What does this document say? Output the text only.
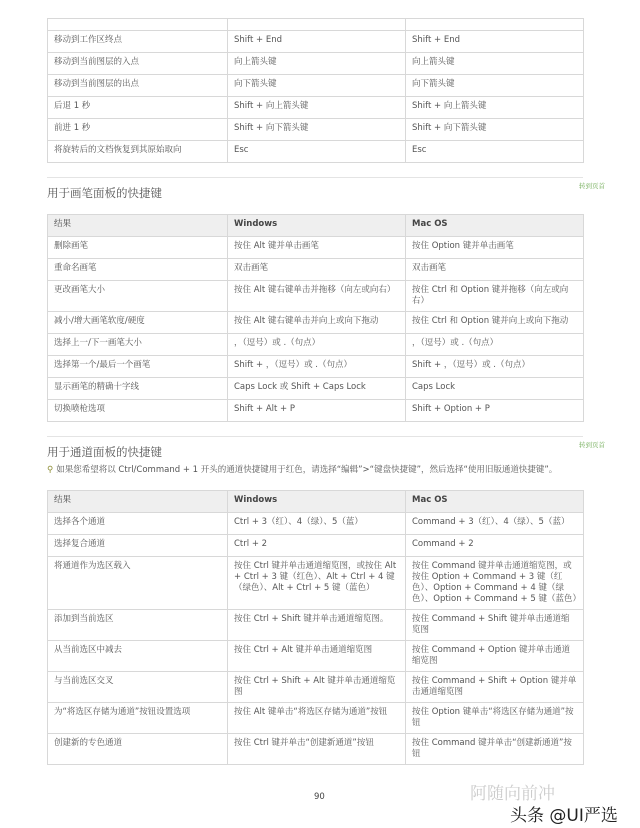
移动到工作区终点	Shift + End	Shift + End
移动到当前图层的入点	向上箭头键	向上箭头键
移动到当前图层的出点	向下箭头键	向下箭头键
后退 1 秒	Shift + 向上箭头键	Shift + 向上箭头键
前进 1 秒	Shift + 向下箭头键	Shift + 向下箭头键
将旋转后的文档恢复到其原始取向	Esc	Esc
用于画笔面板的快捷键	转到页首
结果	Windows	Mac OS
删除画笔	按住 Alt 键并单击画笔	按住 Option 键并单击画笔
重命名画笔	双击画笔	双击画笔
更改画笔大小	按住 Alt 键右键单击并拖移（向左或向右）	按住 Ctrl 和 Option 键并拖移（向左或向右）
减小/增大画笔软度/硬度	按住 Alt 键右键单击并向上或向下拖动	按住 Ctrl 和 Option 键并向上或向下拖动
选择上一/下一画笔大小	，（逗号）或 .（句点）	，（逗号）或 .（句点）
选择第一个/最后一个画笔	Shift + ，（逗号）或 .（句点）	Shift + ，（逗号）或 .（句点）
显示画笔的精确十字线	Caps Lock 或 Shift + Caps Lock	Caps Lock
切换喷枪选项	Shift + Alt + P	Shift + Option + P
用于通道面板的快捷键	转到页首
⚲ 如果您希望将以 Ctrl/Command + 1 开头的通道快捷键用于红色，请选择“编辑”>“键盘快捷键”，然后选择“使用旧版通道快捷键”。
结果	Windows	Mac OS
选择各个通道	Ctrl + 3（红）、4（绿）、5（蓝）	Command + 3（红）、4（绿）、5（蓝）
选择复合通道	Ctrl + 2	Command + 2
将通道作为选区载入	按住 Ctrl 键并单击通道缩览图，或按住 Alt + Ctrl + 3 键（红色）、Alt + Ctrl + 4 键（绿色）、Alt + Ctrl + 5 键（蓝色）	按住 Command 键并单击通道缩览图，或按住 Option + Command + 3 键（红色）、Option + Command + 4 键（绿色）、Option + Command + 5 键（蓝色）
添加到当前选区	按住 Ctrl + Shift 键并单击通道缩览图。	按住 Command + Shift 键并单击通道缩览图
从当前选区中减去	按住 Ctrl + Alt 键并单击通道缩览图	按住 Command + Option 键并单击通道缩览图
与当前选区交叉	按住 Ctrl + Shift + Alt 键并单击通道缩览图	按住 Command + Shift + Option 键并单击通道缩览图
为“将选区存储为通道”按钮设置选项	按住 Alt 键单击“将选区存储为通道”按钮	按住 Option 键单击“将选区存储为通道”按钮
创建新的专色通道	按住 Ctrl 键并单击“创建新通道”按钮	按住 Command 键并单击“创建新通道”按钮
90	阿随向前冲
头条 @UI严选
